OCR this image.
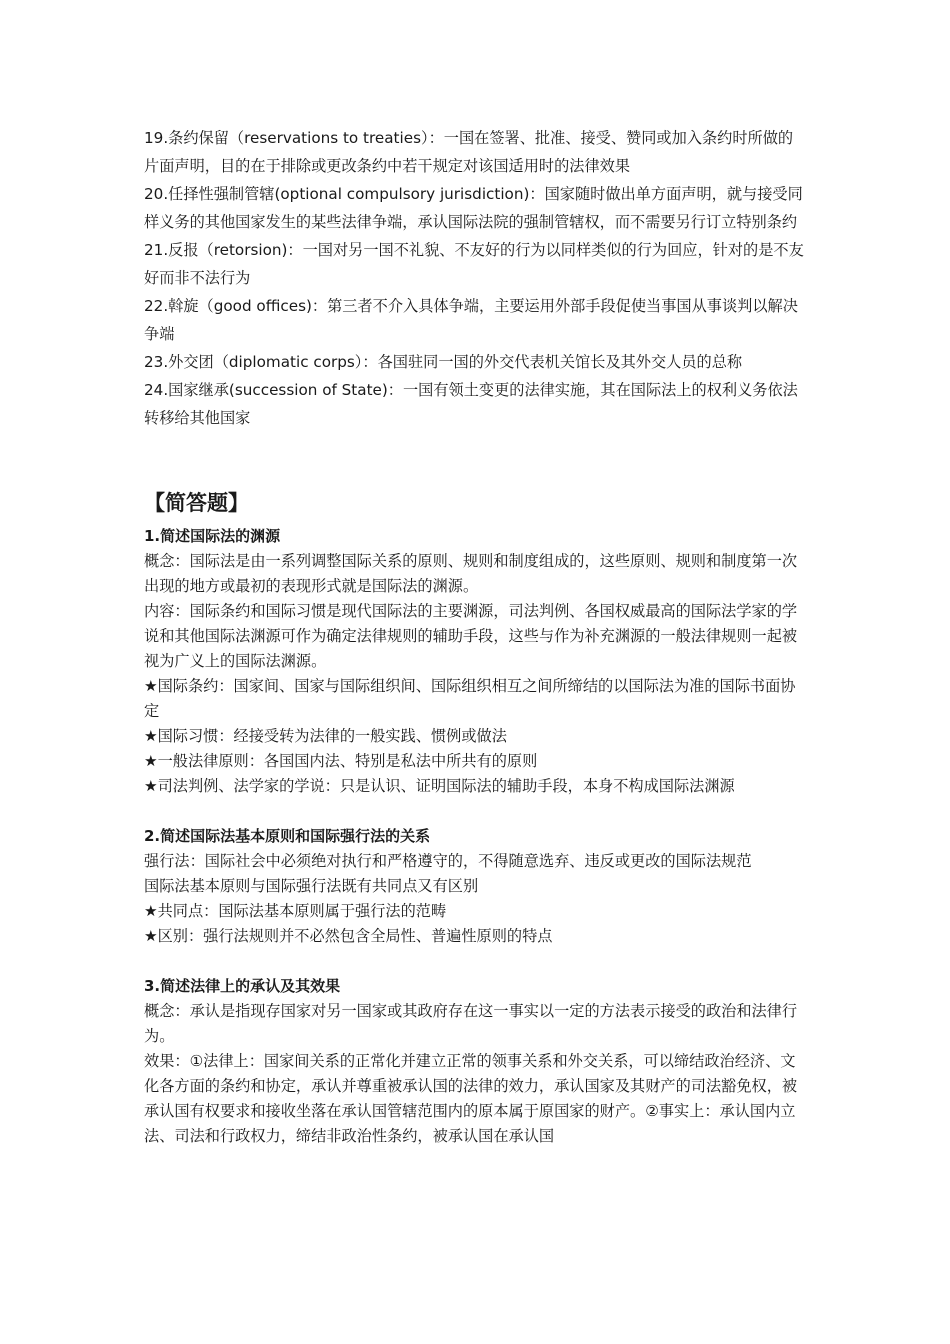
19.条约保留（reservations to treaties）：一国在签署、批准、接受、赞同或加入条约时所做的片面声明，目的在于排除或更改条约中若干规定对该国适用时的法律效果

20.任择性强制管辖(optional compulsory jurisdiction)：国家随时做出单方面声明，就与接受同样义务的其他国家发生的某些法律争端，承认国际法院的强制管辖权，而不需要另行订立特别条约

21.反报（retorsion)：一国对另一国不礼貌、不友好的行为以同样类似的行为回应，针对的是不友好而非不法行为

22.斡旋（good offices)：第三者不介入具体争端，主要运用外部手段促使当事国从事谈判以解决争端

23.外交团（diplomatic corps）：各国驻同一国的外交代表机关馆长及其外交人员的总称

24.国家继承(succession of State)：一国有领土变更的法律实施，其在国际法上的权利义务依法转移给其他国家

【简答题】

1.简述国际法的渊源

概念：国际法是由一系列调整国际关系的原则、规则和制度组成的，这些原则、规则和制度第一次出现的地方或最初的表现形式就是国际法的渊源。

内容：国际条约和国际习惯是现代国际法的主要渊源，司法判例、各国权威最高的国际法学家的学说和其他国际法渊源可作为确定法律规则的辅助手段，这些与作为补充渊源的一般法律规则一起被视为广义上的国际法渊源。

★国际条约：国家间、国家与国际组织间、国际组织相互之间所缔结的以国际法为准的国际书面协定

★国际习惯：经接受转为法律的一般实践、惯例或做法

★一般法律原则：各国国内法、特别是私法中所共有的原则

★司法判例、法学家的学说：只是认识、证明国际法的辅助手段，本身不构成国际法渊源

2.简述国际法基本原则和国际强行法的关系

强行法：国际社会中必须绝对执行和严格遵守的，不得随意选弃、违反或更改的国际法规范

国际法基本原则与国际强行法既有共同点又有区别

★共同点：国际法基本原则属于强行法的范畴

★区别：强行法规则并不必然包含全局性、普遍性原则的特点

3.简述法律上的承认及其效果

概念：承认是指现存国家对另一国家或其政府存在这一事实以一定的方法表示接受的政治和法律行为。

效果：①法律上：国家间关系的正常化并建立正常的领事关系和外交关系，可以缔结政治经济、文化各方面的条约和协定，承认并尊重被承认国的法律的效力，承认国家及其财产的司法豁免权，被承认国有权要求和接收坐落在承认国管辖范围内的原本属于原国家的财产。②事实上：承认国内立法、司法和行政权力，缔结非政治性条约，被承认国在承认国
